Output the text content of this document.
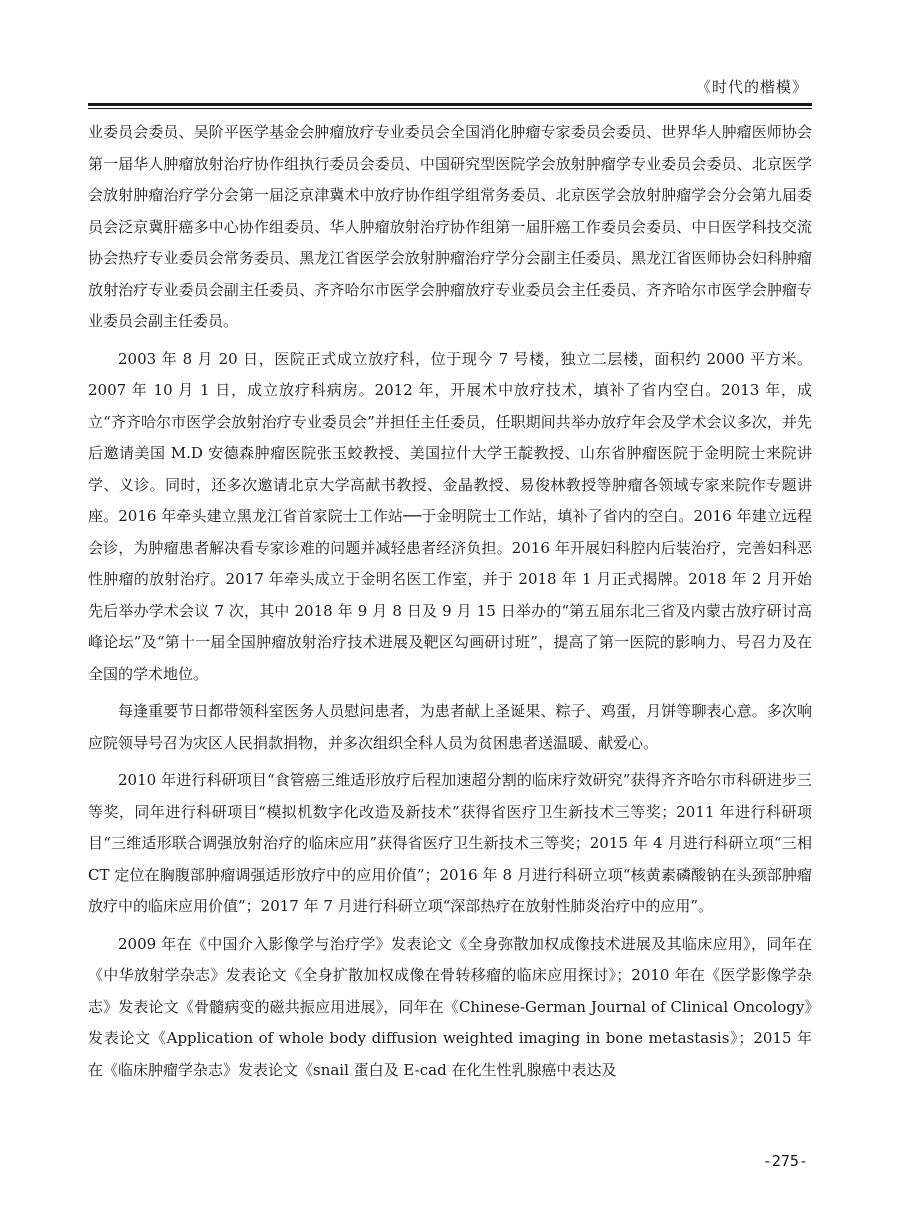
《时代的楷模》

业委员会委员、吴阶平医学基金会肿瘤放疗专业委员会全国消化肿瘤专家委员会委员、世界华人肿瘤医师协会第一届华人肿瘤放射治疗协作组执行委员会委员、中国研究型医院学会放射肿瘤学专业委员会委员、北京医学会放射肿瘤治疗学分会第一届泛京津冀术中放疗协作组学组常务委员、北京医学会放射肿瘤学会分会第九届委员会泛京冀肝癌多中心协作组委员、华人肿瘤放射治疗协作组第一届肝癌工作委员会委员、中日医学科技交流协会热疗专业委员会常务委员、黑龙江省医学会放射肿瘤治疗学分会副主任委员、黑龙江省医师协会妇科肿瘤放射治疗专业委员会副主任委员、齐齐哈尔市医学会肿瘤放疗专业委员会主任委员、齐齐哈尔市医学会肿瘤专业委员会副主任委员。

2003 年 8 月 20 日，医院正式成立放疗科，位于现今 7 号楼，独立二层楼，面积约 2000 平方米。2007 年 10 月 1 日，成立放疗科病房。2012 年，开展术中放疗技术，填补了省内空白。2013 年，成立“齐齐哈尔市医学会放射治疗专业委员会”并担任主任委员，任职期间共举办放疗年会及学术会议多次，并先后邀请美国 M.D 安德森肿瘤医院张玉蛟教授、美国拉什大学王靛教授、山东省肿瘤医院于金明院士来院讲学、义诊。同时，还多次邀请北京大学高献书教授、金晶教授、易俊林教授等肿瘤各领域专家来院作专题讲座。2016 年牵头建立黑龙江省首家院士工作站──于金明院士工作站，填补了省内的空白。2016 年建立远程会诊，为肿瘤患者解决看专家诊难的问题并减轻患者经济负担。2016 年开展妇科腔内后装治疗，完善妇科恶性肿瘤的放射治疗。2017 年牵头成立于金明名医工作室，并于 2018 年 1 月正式揭牌。2018 年 2 月开始先后举办学术会议 7 次，其中 2018 年 9 月 8 日及 9 月 15 日举办的“第五届东北三省及内蒙古放疗研讨高峰论坛”及“第十一届全国肿瘤放射治疗技术进展及靶区勾画研讨班”，提高了第一医院的影响力、号召力及在全国的学术地位。

每逢重要节日都带领科室医务人员慰问患者，为患者献上圣诞果、粽子、鸡蛋，月饼等聊表心意。多次响应院领导号召为灾区人民捐款捐物，并多次组织全科人员为贫困患者送温暖、献爱心。

2010 年进行科研项目“食管癌三维适形放疗后程加速超分割的临床疗效研究”获得齐齐哈尔市科研进步三等奖，同年进行科研项目“模拟机数字化改造及新技术”获得省医疗卫生新技术三等奖；2011 年进行科研项目“三维适形联合调强放射治疗的临床应用”获得省医疗卫生新技术三等奖；2015 年 4 月进行科研立项“三相 CT 定位在胸腹部肿瘤调强适形放疗中的应用价值”；2016 年 8 月进行科研立项“核黄素磷酸钠在头颈部肿瘤放疗中的临床应用价值”；2017 年 7 月进行科研立项“深部热疗在放射性肺炎治疗中的应用”。

2009 年在《中国介入影像学与治疗学》发表论文《全身弥散加权成像技术进展及其临床应用》，同年在《中华放射学杂志》发表论文《全身扩散加权成像在骨转移瘤的临床应用探讨》；2010 年在《医学影像学杂志》发表论文《骨髓病变的磁共振应用进展》，同年在《Chinese-German Journal of Clinical Oncology》发表论文《Application of whole body diffusion weighted imaging in bone metastasis》；2015 年在《临床肿瘤学杂志》发表论文《snail 蛋白及 E-cad 在化生性乳腺癌中表达及

-275-
